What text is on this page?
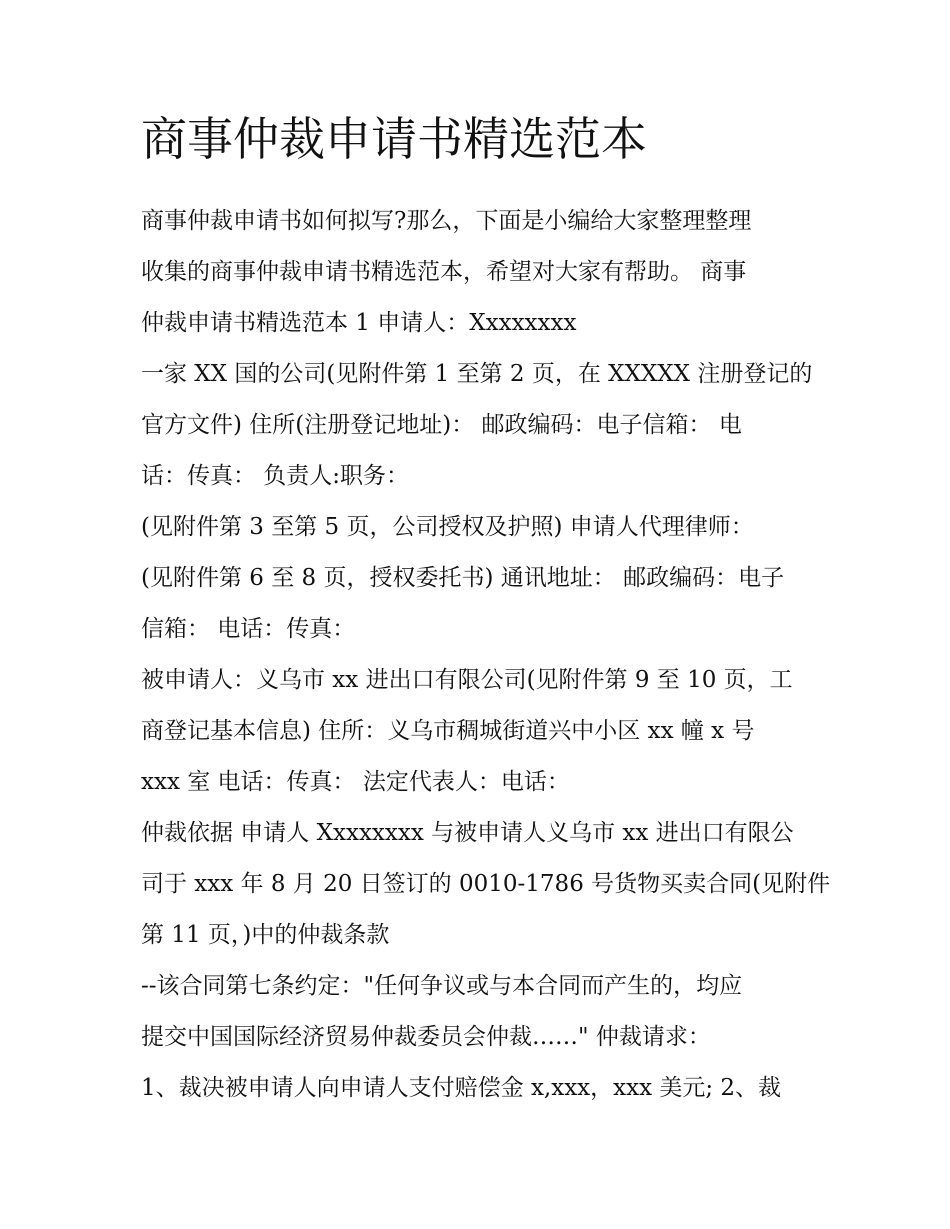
商事仲裁申请书精选范本

商事仲裁申请书如何拟写?那么，下面是小编给大家整理整理

收集的商事仲裁申请书精选范本，希望对大家有帮助。 商事

仲裁申请书精选范本 1 申请人：Xxxxxxxx

一家 XX 国的公司(见附件第 1 至第 2 页，在 XXXXX 注册登记的

官方文件) 住所(注册登记地址)： 邮政编码：电子信箱： 电

话：传真： 负责人:职务：

(见附件第 3 至第 5 页，公司授权及护照) 申请人代理律师：

(见附件第 6 至 8 页，授权委托书) 通讯地址： 邮政编码：电子

信箱： 电话：传真：

被申请人：义乌市 xx 进出口有限公司(见附件第 9 至 10 页，工

商登记基本信息) 住所：义乌市稠城街道兴中小区 xx 幢 x 号

xxx 室 电话：传真： 法定代表人：电话：

仲裁依据 申请人 Xxxxxxxx 与被申请人义乌市 xx 进出口有限公

司于 xxx 年 8 月 20 日签订的 0010-1786 号货物买卖合同(见附件

第 11 页，)中的仲裁条款

--该合同第七条约定："任何争议或与本合同而产生的，均应

提交中国国际经济贸易仲裁委员会仲裁……" 仲裁请求：

1、裁决被申请人向申请人支付赔偿金 x,xxx，xxx 美元; 2、裁
